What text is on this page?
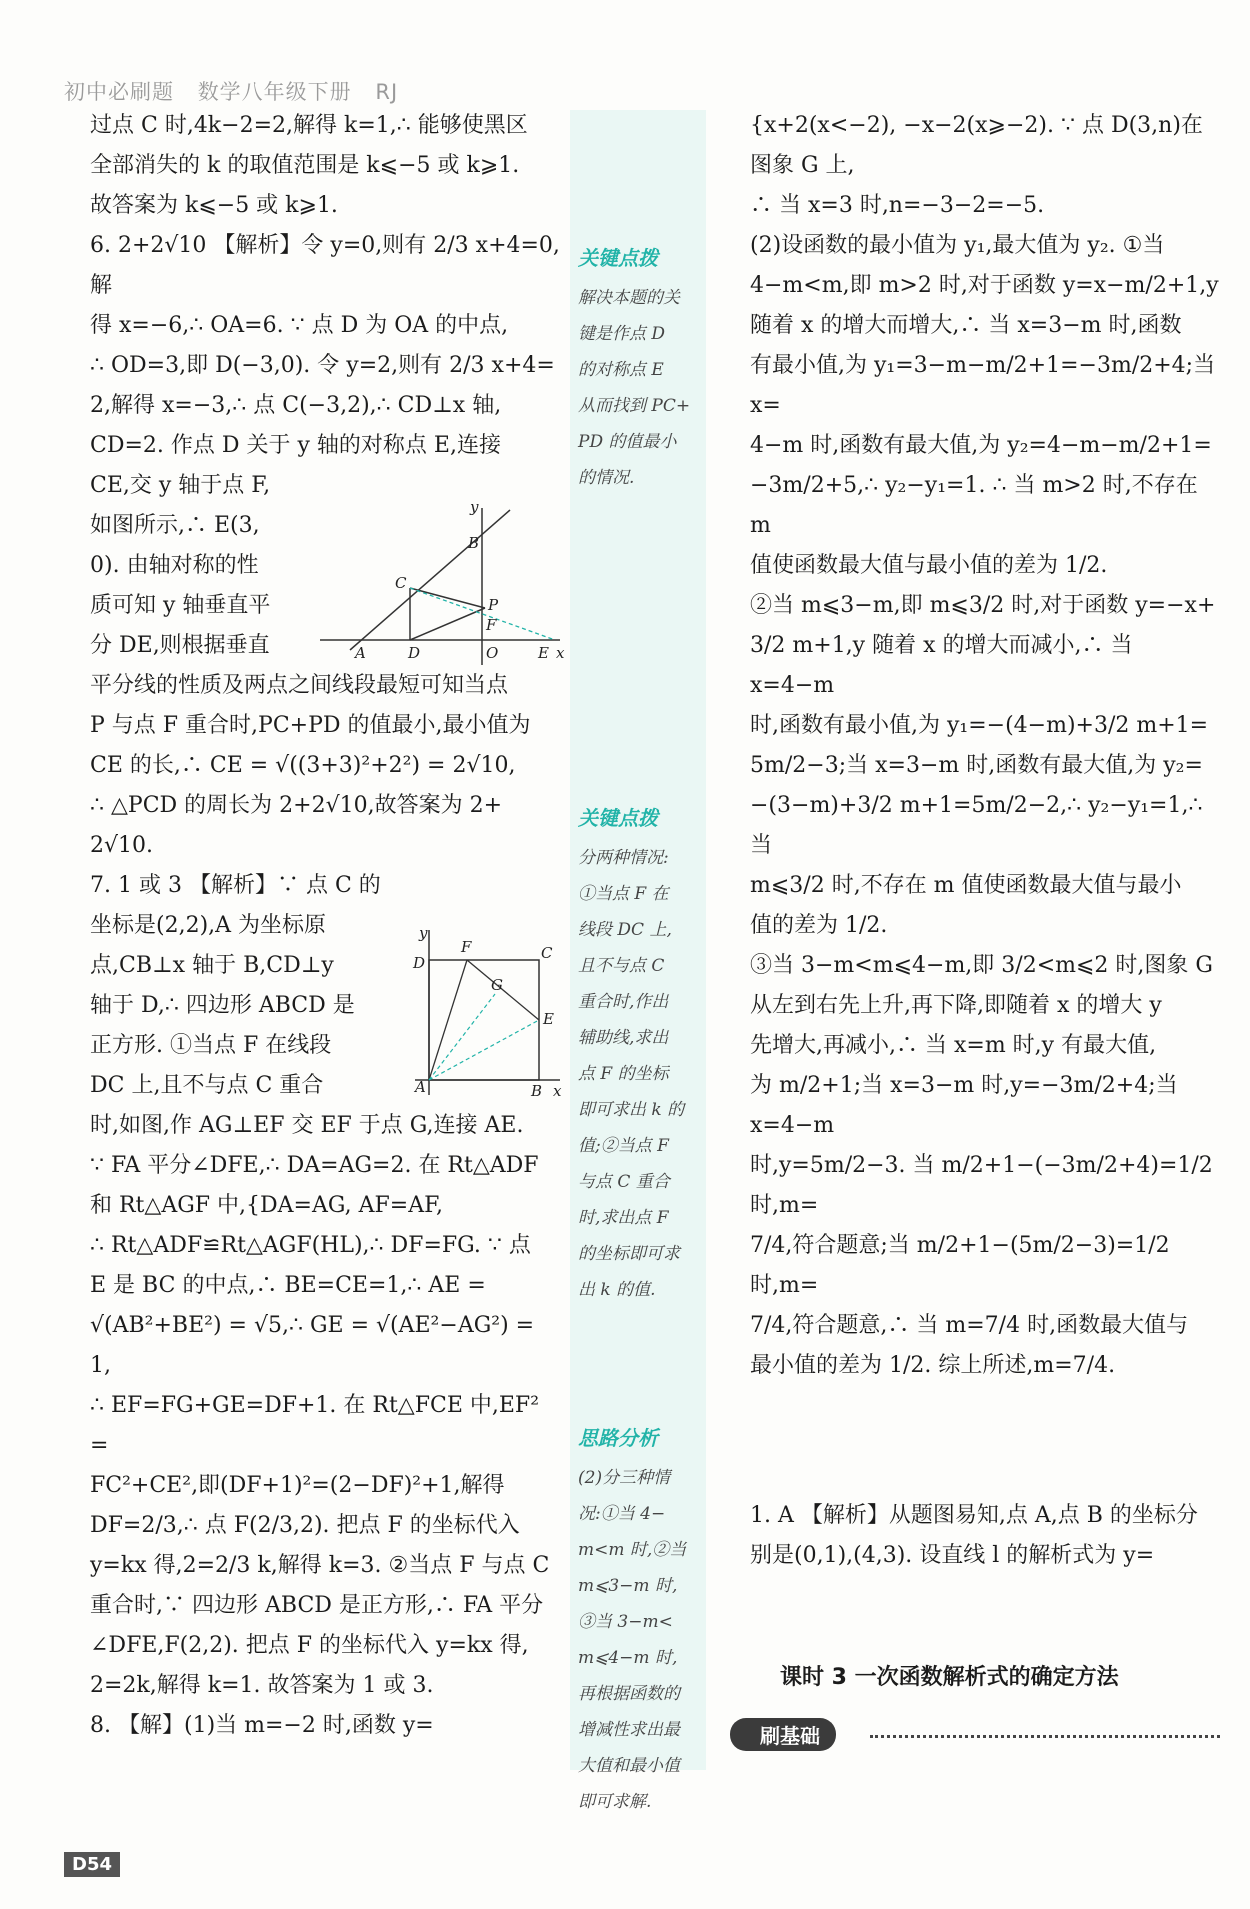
初中必刷题 数学八年级下册 RJ

过点 C 时,4k−2=2,解得 k=1,∴ 能够使黑区

全部消失的 k 的取值范围是 k⩽−5 或 k⩾1.

故答案为 k⩽−5 或 k⩾1.

6. 2+2√10 【解析】令 y=0,则有 2/3 x+4=0,解

得 x=−6,∴ OA=6. ∵ 点 D 为 OA 的中点,

∴ OD=3,即 D(−3,0). 令 y=2,则有 2/3 x+4=

2,解得 x=−3,∴ 点 C(−3,2),∴ CD⊥x 轴,

CD=2. 作点 D 关于 y 轴的对称点 E,连接

CE,交 y 轴于点 F,

如图所示,∴ E(3,

0). 由轴对称的性

质可知 y 轴垂直平

分 DE,则根据垂直

平分线的性质及两点之间线段最短可知当点

P 与点 F 重合时,PC+PD 的值最小,最小值为

CE 的长,∴ CE = √((3+3)²+2²) = 2√10,

∴ △PCD 的周长为 2+2√10,故答案为 2+

2√10.

7. 1 或 3 【解析】∵ 点 C 的

坐标是(2,2),A 为坐标原

点,CB⊥x 轴于 B,CD⊥y

轴于 D,∴ 四边形 ABCD 是

正方形. ①当点 F 在线段

DC 上,且不与点 C 重合

时,如图,作 AG⊥EF 交 EF 于点 G,连接 AE.

∵ FA 平分∠DFE,∴ DA=AG=2. 在 Rt△ADF

和 Rt△AGF 中,{DA=AG, AF=AF,

∴ Rt△ADF≌Rt△AGF(HL),∴ DF=FG. ∵ 点

E 是 BC 的中点,∴ BE=CE=1,∴ AE =

√(AB²+BE²) = √5,∴ GE = √(AE²−AG²) = 1,

∴ EF=FG+GE=DF+1. 在 Rt△FCE 中,EF² =

FC²+CE²,即(DF+1)²=(2−DF)²+1,解得

DF=2/3,∴ 点 F(2/3,2). 把点 F 的坐标代入

y=kx 得,2=2/3 k,解得 k=3. ②当点 F 与点 C

重合时,∵ 四边形 ABCD 是正方形,∴ FA 平分

∠DFE,F(2,2). 把点 F 的坐标代入 y=kx 得,

2=2k,解得 k=1. 故答案为 1 或 3.

8. 【解】(1)当 m=−2 时,函数 y=

{x+2(x<−2), −x−2(x⩾−2). ∵ 点 D(3,n)在图象 G 上,

∴ 当 x=3 时,n=−3−2=−5.

(2)设函数的最小值为 y₁,最大值为 y₂. ①当

4−m<m,即 m>2 时,对于函数 y=x−m/2+1,y

随着 x 的增大而增大,∴ 当 x=3−m 时,函数

有最小值,为 y₁=3−m−m/2+1=−3m/2+4;当 x=

4−m 时,函数有最大值,为 y₂=4−m−m/2+1=

−3m/2+5,∴ y₂−y₁=1. ∴ 当 m>2 时,不存在 m

值使函数最大值与最小值的差为 1/2.

②当 m⩽3−m,即 m⩽3/2 时,对于函数 y=−x+

3/2 m+1,y 随着 x 的增大而减小,∴ 当 x=4−m

时,函数有最小值,为 y₁=−(4−m)+3/2 m+1=

5m/2−3;当 x=3−m 时,函数有最大值,为 y₂=

−(3−m)+3/2 m+1=5m/2−2,∴ y₂−y₁=1,∴ 当

m⩽3/2 时,不存在 m 值使函数最大值与最小

值的差为 1/2.

③当 3−m<m⩽4−m,即 3/2<m⩽2 时,图象 G

从左到右先上升,再下降,即随着 x 的增大 y

先增大,再减小,∴ 当 x=m 时,y 有最大值,

为 m/2+1;当 x=3−m 时,y=−3m/2+4;当 x=4−m

时,y=5m/2−3. 当 m/2+1−(−3m/2+4)=1/2 时,m=

7/4,符合题意;当 m/2+1−(5m/2−3)=1/2 时,m=

7/4,符合题意,∴ 当 m=7/4 时,函数最大值与

最小值的差为 1/2. 综上所述,m=7/4.

1. A 【解析】从题图易知,点 A,点 B 的坐标分

别是(0,1),(4,3). 设直线 l 的解析式为 y=

关键点拨
解决本题的关
键是作点 D
的对称点 E
从而找到 PC+
PD 的值最小
的情况.
关键点拨
分两种情况:
①当点 F 在
线段 DC 上,
且不与点 C
重合时,作出
辅助线,求出
点 F 的坐标
即可求出 k 的
值;②当点 F
与点 C 重合
时,求出点 F
的坐标即可求
出 k 的值.
思路分析
(2)分三种情
况:①当 4−
m<m 时,②当
m⩽3−m 时,
③当 3−m<
m⩽4−m 时,
再根据函数的
增减性求出最
大值和最小值
即可求解.
y
B
C
P
F
A	D	O	E x
y
D
F
G
C
E
A	B x
课时 3 一次函数解析式的确定方法
刷基础
D54
